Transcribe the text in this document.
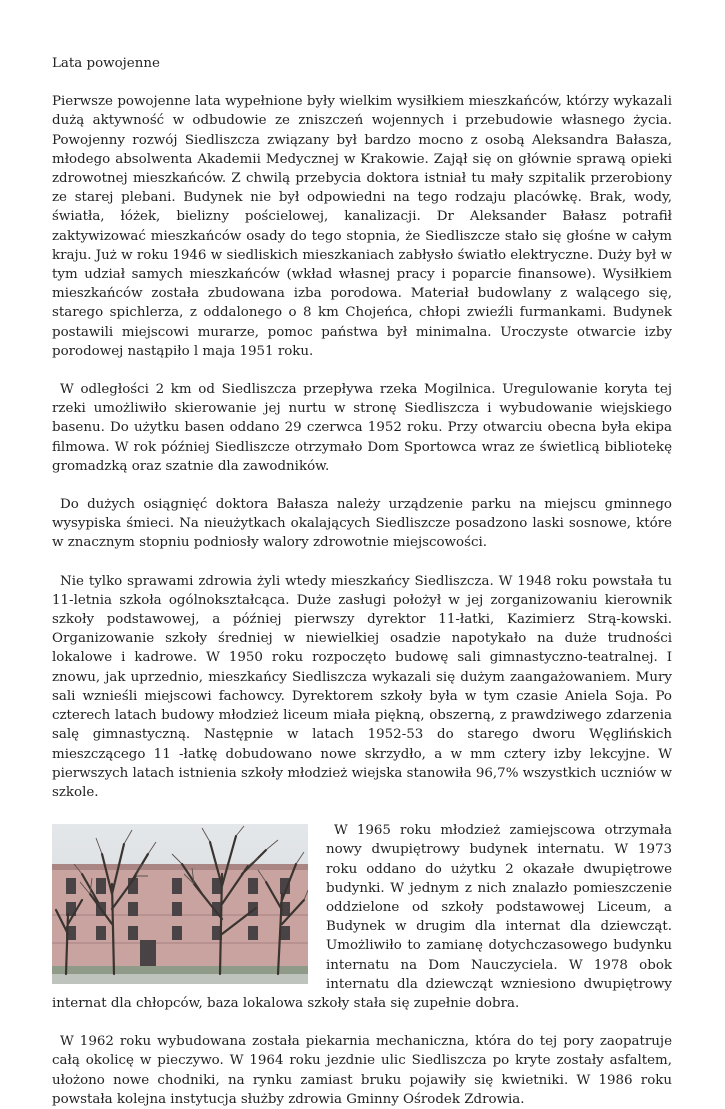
Lata powojenne

Pierwsze powojenne lata wypełnione były wielkim wysiłkiem mieszkańców, którzy wykazali dużą aktywność w odbudowie ze zniszczeń wojennych i przebudowie własnego życia. Powojenny rozwój Siedliszcza związany był bardzo mocno z osobą Aleksandra Bałasza, młodego absolwenta Akademii Medycznej w Krakowie. Zajął się on głównie sprawą opieki zdrowotnej mieszkańców. Z chwilą przebycia doktora istniał tu mały szpitalik przerobiony ze starej plebani. Budynek nie był odpowiedni na tego rodzaju placówkę. Brak, wody, światła, łóżek, bielizny pościelowej, kanalizacji. Dr Aleksander Bałasz potrafił zaktywizować mieszkańców osady do tego stopnia, że Siedliszcze stało się głośne w całym kraju. Już w roku 1946 w siedliskich mieszkaniach zabłysło światło elektryczne. Duży był w tym udział samych mieszkańców (wkład własnej pracy i poparcie finansowe). Wysiłkiem mieszkańców została zbudowana izba porodowa. Materiał budowlany z walącego się, starego spichlerza, z oddalonego o 8 km Chojeńca, chłopi zwieźli furmankami. Budynek postawili miejscowi murarze, pomoc państwa był minimalna. Uroczyste otwarcie izby porodowej nastąpiło l maja 1951 roku.

W odległości 2 km od Siedliszcza przepływa rzeka Mogilnica. Uregulowanie koryta tej rzeki umożliwiło skierowanie jej nurtu w stronę Siedliszcza i wybudowanie wiejskiego basenu. Do użytku basen oddano 29 czerwca 1952 roku. Przy otwarciu obecna była ekipa filmowa. W rok później Siedliszcze otrzymało Dom Sportowca wraz ze świetlicą bibliotekę gromadzką oraz szatnie dla zawodników.

Do dużych osiągnięć doktora Bałasza należy urządzenie parku na miejscu gminnego wysypiska śmieci. Na nieużytkach okalających Siedliszcze posadzono laski sosnowe, które w znacznym stopniu podniosły walory zdrowotnie miejscowości.

Nie tylko sprawami zdrowia żyli wtedy mieszkańcy Siedliszcza. W 1948 roku powstała tu 11-letnia szkoła ogólnokształcąca. Duże zasługi położył w jej zorganizowaniu kierownik szkoły podstawowej, a później pierwszy dyrektor 11-łatki, Kazimierz Strą-kowski. Organizowanie szkoły średniej w niewielkiej osadzie napotykało na duże trudności lokalowe i kadrowe. W 1950 roku rozpoczęto budowę sali gimnastyczno-teatralnej. I znowu, jak uprzednio, mieszkańcy Siedliszcza wykazali się dużym zaangażowaniem. Mury sali wznieśli miejscowi fachowcy. Dyrektorem szkoły była w tym czasie Aniela Soja. Po czterech latach budowy młodzież liceum miała piękną, obszerną, z prawdziwego zdarzenia salę gimnastyczną. Następnie w latach 1952-53 do starego dworu Węglińskich mieszczącego 11 -łatkę dobudowano nowe skrzydło, a w mm cztery izby lekcyjne. W pierwszych latach istnienia szkoły młodzież wiejska stanowiła 96,7% wszystkich uczniów w szkole.

W 1965 roku młodzież zamiejscowa otrzymała nowy dwupiętrowy budynek internatu. W 1973 roku oddano do użytku 2 okazałe dwupiętrowe budynki. W jednym z nich znalazło pomieszczenie oddzielone od szkoły podstawowej Liceum, a Budynek w drugim dla internat dla dziewcząt. Umożliwiło to zamianę dotychczasowego budynku internatu na Dom Nauczyciela. W 1978 obok internatu dla dziewcząt wzniesiono dwupiętrowy internat dla chłopców, baza lokalowa szkoły stała się zupełnie dobra.

W 1962 roku wybudowana została piekarnia mechaniczna, która do tej pory zaopatruje całą okolicę w pieczywo. W 1964 roku jezdnie ulic Siedliszcza po kryte zostały asfaltem, ułożono nowe chodniki, na rynku zamiast bruku pojawiły się kwietniki. W 1986 roku powstała kolejna instytucja służby zdrowia Gminny Ośrodek Zdrowia.
